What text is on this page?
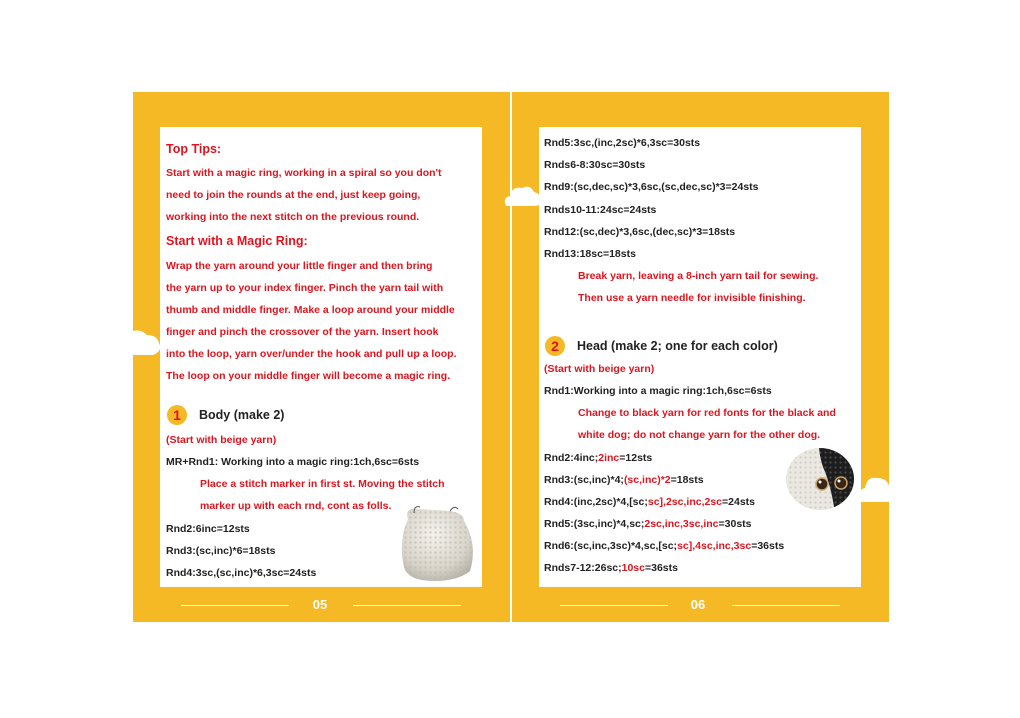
Top Tips:
Start with a magic ring, working in a spiral so you don't
need to join the rounds at the end, just keep going,
working into the next stitch on the previous round.
Start with a Magic Ring:
Wrap the yarn around your little finger and then bring
the yarn up to your index finger. Pinch the yarn tail with
thumb and middle finger. Make a loop around your middle
finger and pinch the crossover of the yarn. Insert hook
into the loop, yarn over/under the hook and pull up a loop.
The loop on your middle finger will become a magic ring.
1	Body (make 2)
(Start with beige yarn)
MR+Rnd1: Working into a magic ring:1ch,6sc=6sts
Place a stitch marker in first st. Moving the stitch
marker up with each rnd, cont as folls.
Rnd2:6inc=12sts
Rnd3:(sc,inc)*6=18sts
Rnd4:3sc,(sc,inc)*6,3sc=24sts
05
Rnd5:3sc,(inc,2sc)*6,3sc=30sts
Rnds6-8:30sc=30sts
Rnd9:(sc,dec,sc)*3,6sc,(sc,dec,sc)*3=24sts
Rnds10-11:24sc=24sts
Rnd12:(sc,dec)*3,6sc,(dec,sc)*3=18sts
Rnd13:18sc=18sts
Break yarn, leaving a 8-inch yarn tail for sewing.
Then use a yarn needle for invisible finishing.
2	Head (make 2; one for each color)
(Start with beige yarn)
Rnd1:Working into a magic ring:1ch,6sc=6sts
Change to black yarn for red fonts for the black and
white dog; do not change yarn for the other dog.
Rnd2:4inc;2inc=12sts
Rnd3:(sc,inc)*4;(sc,inc)*2=18sts
Rnd4:(inc,2sc)*4,[sc;sc],2sc,inc,2sc=24sts
Rnd5:(3sc,inc)*4,sc;2sc,inc,3sc,inc=30sts
Rnd6:(sc,inc,3sc)*4,sc,[sc;sc],4sc,inc,3sc=36sts
Rnds7-12:26sc;10sc=36sts
06
